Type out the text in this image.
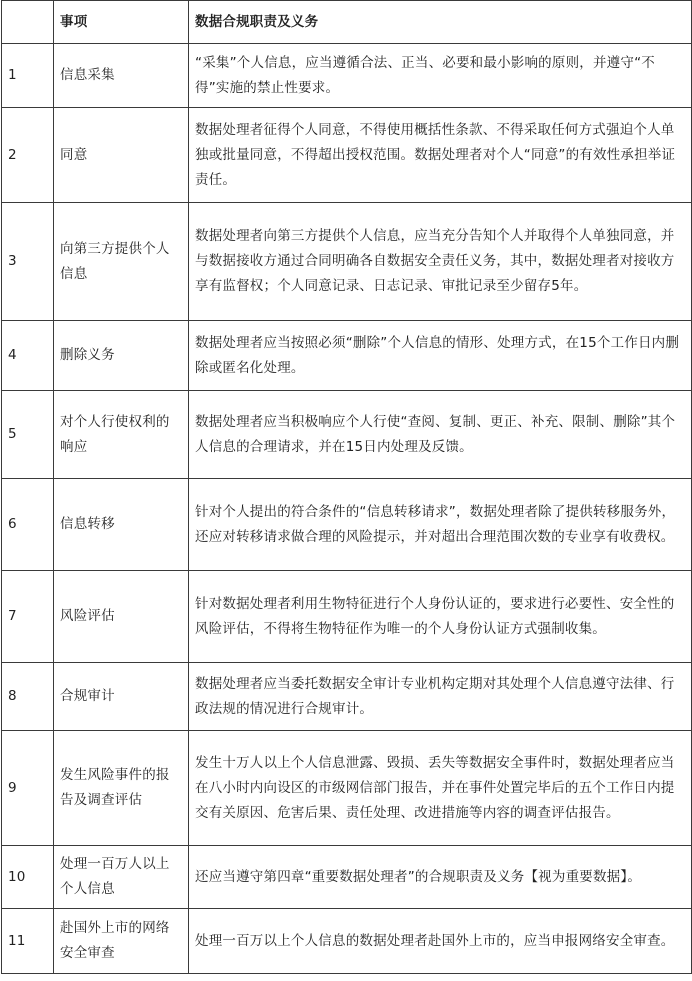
	事项	数据合规职责及义务
1	信息采集	“采集”个人信息，应当遵循合法、正当、必要和最小影响的原则，并遵守“不得”实施的禁止性要求。
2	同意	数据处理者征得个人同意，不得使用概括性条款、不得采取任何方式强迫个人单独或批量同意，不得超出授权范围。数据处理者对个人“同意”的有效性承担举证责任。
3	向第三方提供个人信息	数据处理者向第三方提供个人信息，应当充分告知个人并取得个人单独同意，并与数据接收方通过合同明确各自数据安全责任义务，其中，数据处理者对接收方享有监督权；个人同意记录、日志记录、审批记录至少留存5年。
4	删除义务	数据处理者应当按照必须“删除”个人信息的情形、处理方式，在15个工作日内删除或匿名化处理。
5	对个人行使权利的响应	数据处理者应当积极响应个人行使“查阅、复制、更正、补充、限制、删除”其个人信息的合理请求，并在15日内处理及反馈。
6	信息转移	针对个人提出的符合条件的“信息转移请求”，数据处理者除了提供转移服务外，还应对转移请求做合理的风险提示，并对超出合理范围次数的专业享有收费权。
7	风险评估	针对数据处理者利用生物特征进行个人身份认证的，要求进行必要性、安全性的风险评估，不得将生物特征作为唯一的个人身份认证方式强制收集。
8	合规审计	数据处理者应当委托数据安全审计专业机构定期对其处理个人信息遵守法律、行政法规的情况进行合规审计。
9	发生风险事件的报告及调查评估	发生十万人以上个人信息泄露、毁损、丢失等数据安全事件时，数据处理者应当在八小时内向设区的市级网信部门报告，并在事件处置完毕后的五个工作日内提交有关原因、危害后果、责任处理、改进措施等内容的调查评估报告。
10	处理一百万人以上个人信息	还应当遵守第四章“重要数据处理者”的合规职责及义务【视为重要数据】。
11	赴国外上市的网络安全审查	处理一百万以上个人信息的数据处理者赴国外上市的，应当申报网络安全审查。
